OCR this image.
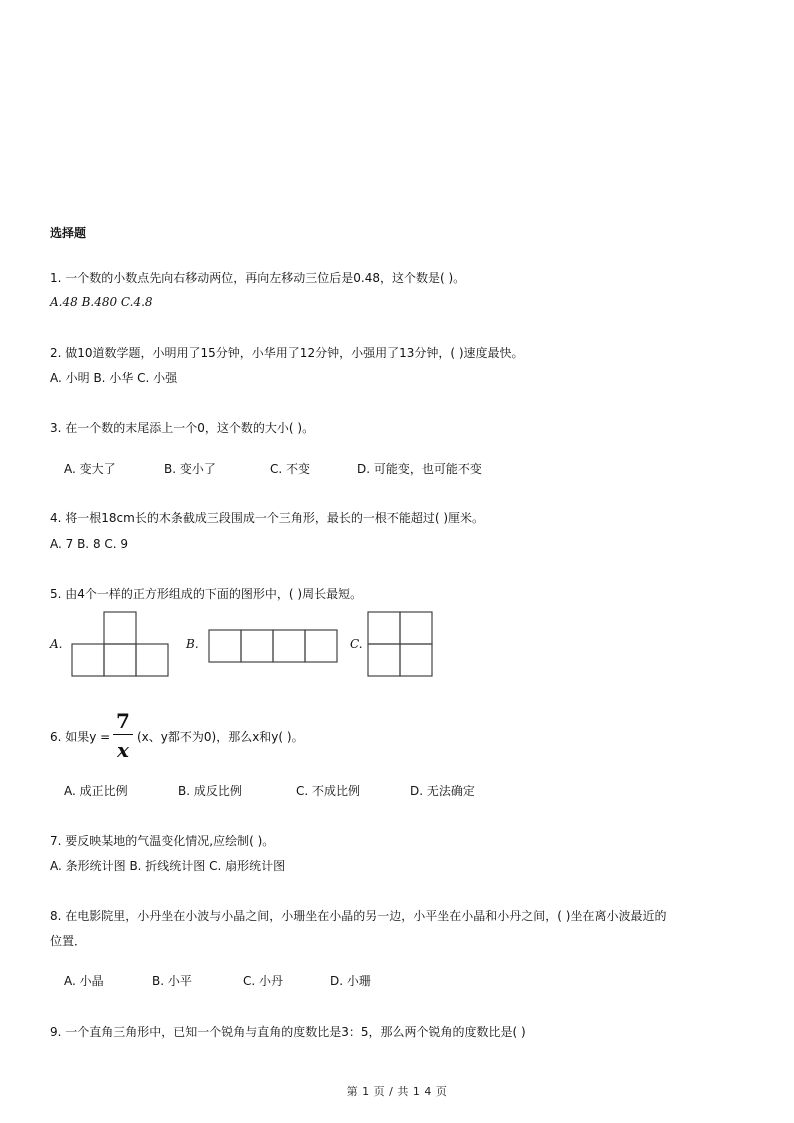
选择题
1. 一个数的小数点先向右移动两位，再向左移动三位后是0.48，这个数是( )。
A.48 B.480 C.4.8
2. 做10道数学题，小明用了15分钟，小华用了12分钟，小强用了13分钟，( )速度最快。
A. 小明 B. 小华 C. 小强
3. 在一个数的末尾添上一个0，这个数的大小( )。
A. 变大了	B. 变小了	C. 不变	D. 可能变，也可能不变
4. 将一根18cm长的木条截成三段围成一个三角形，最长的一根不能超过( )厘米。
A. 7 B. 8 C. 9
5. 由4个一样的正方形组成的下面的图形中，( )周长最短。
A.	B.	C.
6. 如果y =
7
x
(x、y都不为0)，那么x和y( )。
A. 成正比例	B. 成反比例	C. 不成比例	D. 无法确定
7. 要反映某地的气温变化情况,应绘制( )。
A. 条形统计图 B. 折线统计图 C. 扇形统计图
8. 在电影院里，小丹坐在小波与小晶之间，小珊坐在小晶的另一边，小平坐在小晶和小丹之间，( )坐在离小波最近的
位置．
A. 小晶	B. 小平	C. 小丹	D. 小珊
9. 一个直角三角形中，已知一个锐角与直角的度数比是3：5，那么两个锐角的度数比是( )
第 1 页 / 共 1 4 页
